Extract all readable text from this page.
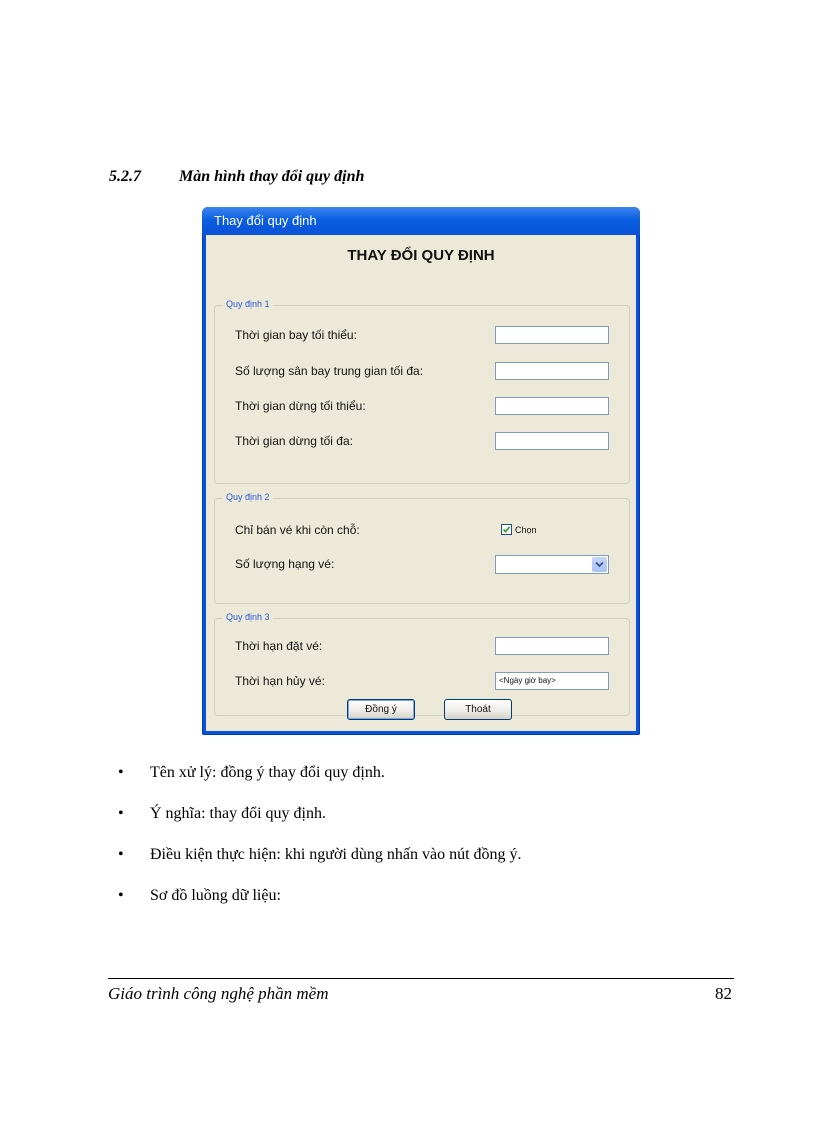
5.2.7 Màn hình thay đổi quy định
Thay đổi quy định
THAY ĐỔI QUY ĐỊNH
Quy định 1
Thời gian bay tối thiểu:
Số lượng sân bay trung gian tối đa:
Thời gian dừng tối thiểu:
Thời gian dừng tối đa:
Quy định 2
Chỉ bán vé khi còn chỗ:	Chọn
Số lượng hạng vé:
Quy định 3
Thời hạn đặt vé:
Thời hạn hủy vé:	<Ngày giờ bay>
Đồng ý	Thoát
• Tên xử lý: đồng ý thay đổi quy định.
• Ý nghĩa: thay đổi quy định.
• Điều kiện thực hiện: khi người dùng nhấn vào nút đồng ý.
• Sơ đồ luồng dữ liệu:
Giáo trình công nghệ phần mềm	82
